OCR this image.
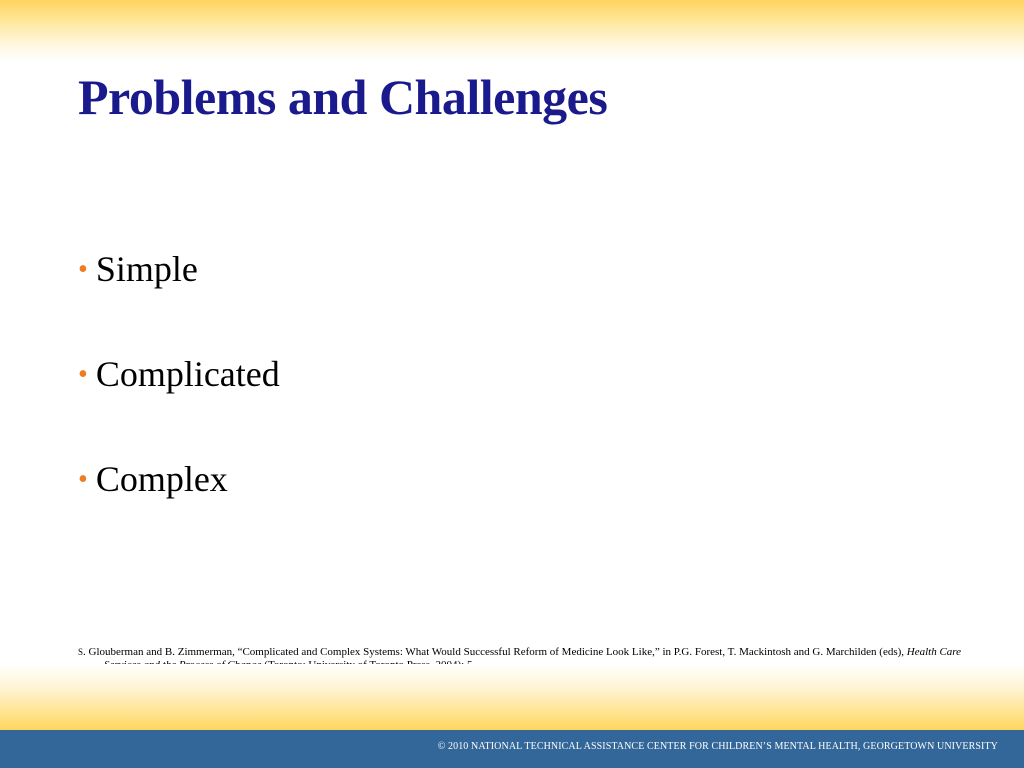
Problems and Challenges
• Simple
• Complicated
• Complex
S. Glouberman and B. Zimmerman, “Complicated and Complex Systems: What Would Successful Reform of Medicine Look Like,” in P.G. Forest, T. Mackintosh and G. Marchilden (eds), Health Care
© 2010 NATIONAL TECHNICAL ASSISTANCE CENTER FOR CHILDREN’S MENTAL HEALTH, GEORGETOWN UNIVERSITY
